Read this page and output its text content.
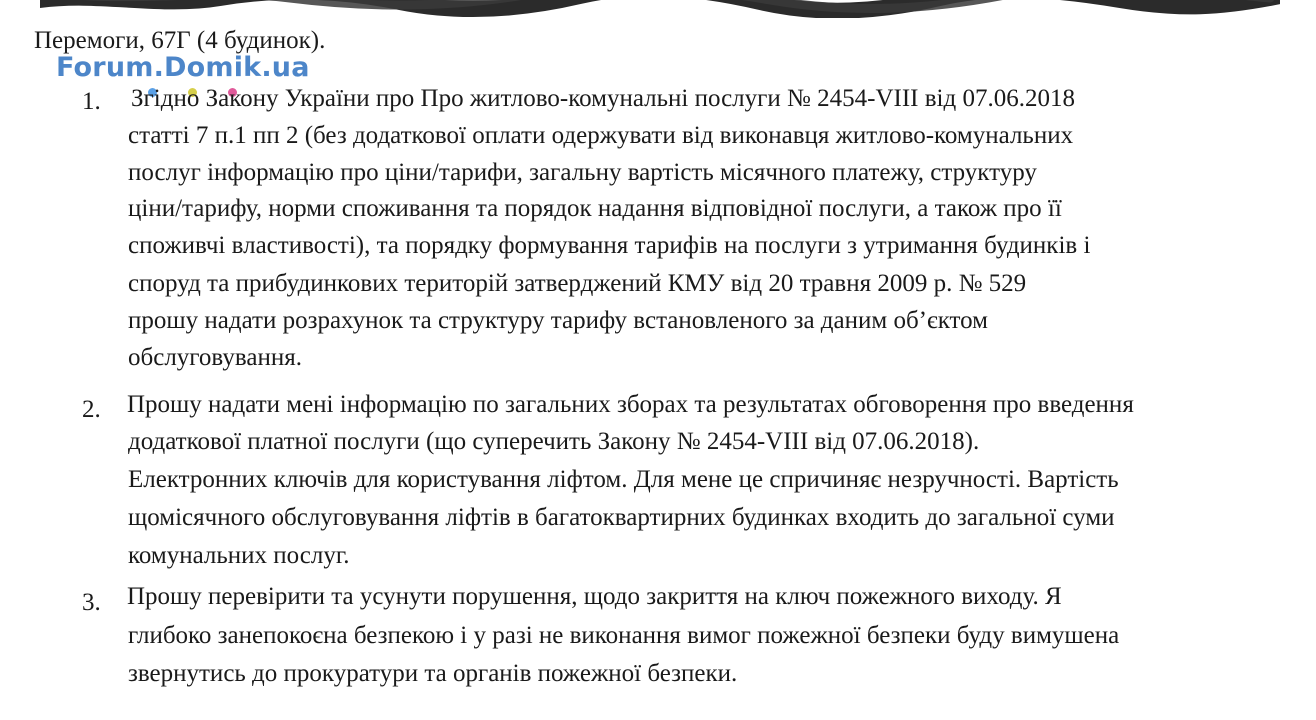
Перемоги, 67Г (4 будинок).
Forum.Domik.ua
1. Згідно Закону України про Про житлово-комунальні послуги № 2454-VIII від 07.06.2018
статті 7 п.1 пп 2 (без додаткової оплати одержувати від виконавця житлово-комунальних
послуг інформацію про ціни/тарифи, загальну вартість місячного платежу, структуру
ціни/тарифу, норми споживання та порядок надання відповідної послуги, а також про її
споживчі властивості), та порядку формування тарифів на послуги з утримання будинків і
споруд та прибудинкових територій затверджений КМУ від 20 травня 2009 р. № 529
прошу надати розрахунок та структуру тарифу встановленого за даним об’єктом
обслуговування.
2. Прошу надати мені інформацію по загальних зборах та результатах обговорення про введення
додаткової платної послуги (що суперечить Закону № 2454-VIII від 07.06.2018).
Електронних ключів для користування ліфтом. Для мене це спричиняє незручності. Вартість
щомісячного обслуговування ліфтів в багатоквартирних будинках входить до загальної суми
комунальних послуг.
3. Прошу перевірити та усунути порушення, щодо закриття на ключ пожежного виходу. Я
глибоко занепокоєна безпекою і у разі не виконання вимог пожежної безпеки буду вимушена
звернутись до прокуратури та органів пожежної безпеки.
